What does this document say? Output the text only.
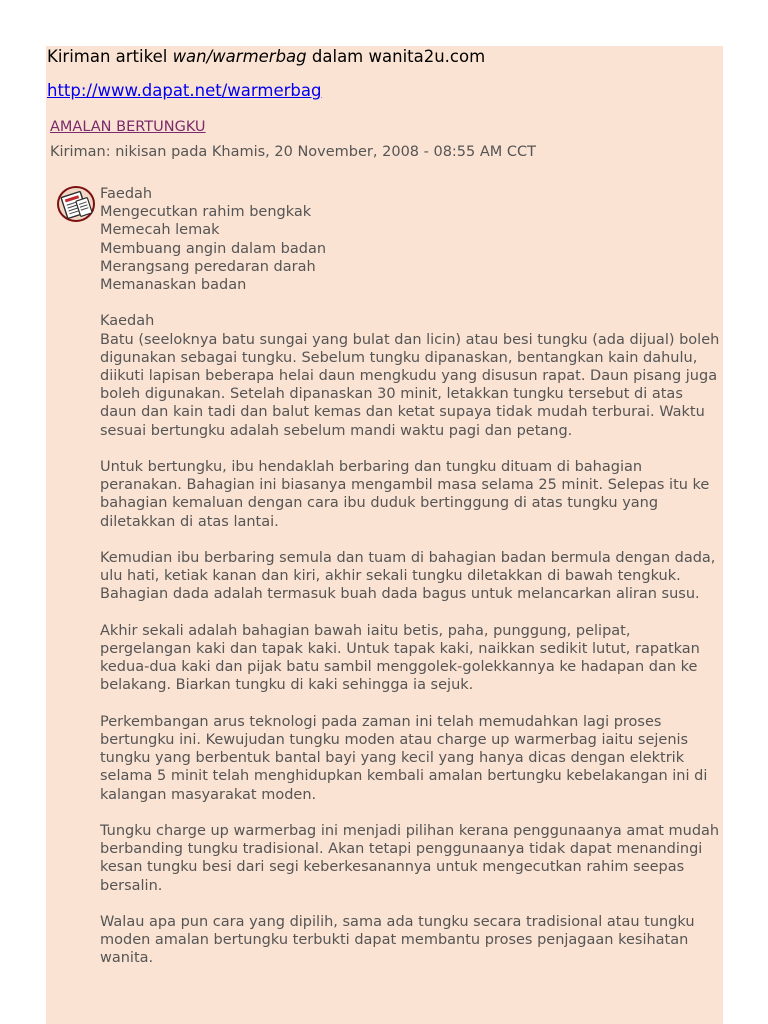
Kiriman artikel wan/warmerbag dalam wanita2u.com
http://www.dapat.net/warmerbag
AMALAN BERTUNGKU
Kiriman: nikisan pada Khamis, 20 November, 2008 - 08:55 AM CCT

Faedah
Mengecutkan rahim bengkak
Memecah lemak
Membuang angin dalam badan
Merangsang peredaran darah
Memanaskan badan

Kaedah
Batu (seeloknya batu sungai yang bulat dan licin) atau besi tungku (ada dijual) boleh digunakan sebagai tungku. Sebelum tungku dipanaskan, bentangkan kain dahulu, diikuti lapisan beberapa helai daun mengkudu yang disusun rapat. Daun pisang juga boleh digunakan. Setelah dipanaskan 30 minit, letakkan tungku tersebut di atas daun dan kain tadi dan balut kemas dan ketat supaya tidak mudah terburai. Waktu sesuai bertungku adalah sebelum mandi waktu pagi dan petang.

Untuk bertungku, ibu hendaklah berbaring dan tungku dituam di bahagian peranakan. Bahagian ini biasanya mengambil masa selama 25 minit. Selepas itu ke bahagian kemaluan dengan cara ibu duduk bertinggung di atas tungku yang diletakkan di atas lantai.

Kemudian ibu berbaring semula dan tuam di bahagian badan bermula dengan dada, ulu hati, ketiak kanan dan kiri, akhir sekali tungku diletakkan di bawah tengkuk. Bahagian dada adalah termasuk buah dada bagus untuk melancarkan aliran susu.

Akhir sekali adalah bahagian bawah iaitu betis, paha, punggung, pelipat, pergelangan kaki dan tapak kaki. Untuk tapak kaki, naikkan sedikit lutut, rapatkan kedua-dua kaki dan pijak batu sambil menggolek-golekkannya ke hadapan dan ke belakang. Biarkan tungku di kaki sehingga ia sejuk.

Perkembangan arus teknologi pada zaman ini telah memudahkan lagi proses bertungku ini. Kewujudan tungku moden atau charge up warmerbag iaitu sejenis tungku yang berbentuk bantal bayi yang kecil yang hanya dicas dengan elektrik selama 5 minit telah menghidupkan kembali amalan bertungku kebelakangan ini di kalangan masyarakat moden.

Tungku charge up warmerbag ini menjadi pilihan kerana penggunaanya amat mudah berbanding tungku tradisional. Akan tetapi penggunaanya tidak dapat menandingi kesan tungku besi dari segi keberkesanannya untuk mengecutkan rahim seepas bersalin.

Walau apa pun cara yang dipilih, sama ada tungku secara tradisional atau tungku moden amalan bertungku terbukti dapat membantu proses penjagaan kesihatan wanita.
